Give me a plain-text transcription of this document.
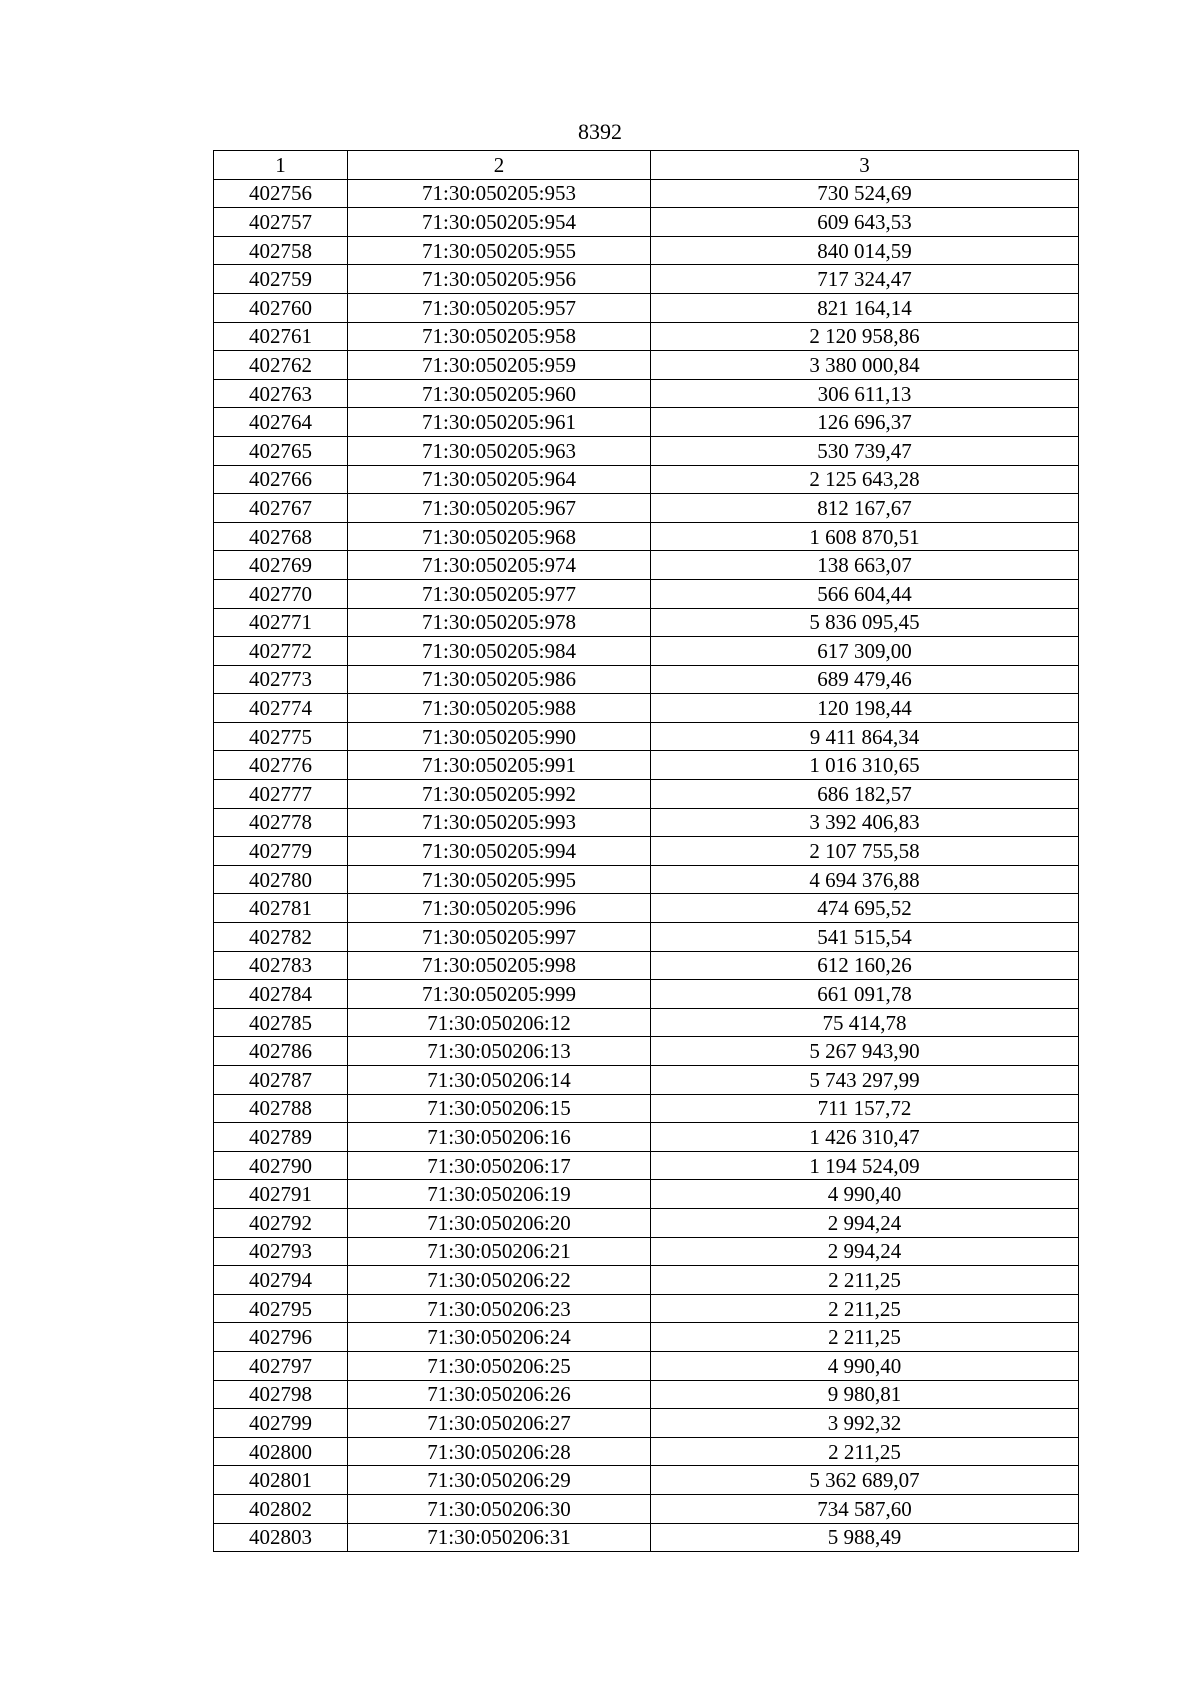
8392
1	2	3
402756	71:30:050205:953	730 524,69
402757	71:30:050205:954	609 643,53
402758	71:30:050205:955	840 014,59
402759	71:30:050205:956	717 324,47
402760	71:30:050205:957	821 164,14
402761	71:30:050205:958	2 120 958,86
402762	71:30:050205:959	3 380 000,84
402763	71:30:050205:960	306 611,13
402764	71:30:050205:961	126 696,37
402765	71:30:050205:963	530 739,47
402766	71:30:050205:964	2 125 643,28
402767	71:30:050205:967	812 167,67
402768	71:30:050205:968	1 608 870,51
402769	71:30:050205:974	138 663,07
402770	71:30:050205:977	566 604,44
402771	71:30:050205:978	5 836 095,45
402772	71:30:050205:984	617 309,00
402773	71:30:050205:986	689 479,46
402774	71:30:050205:988	120 198,44
402775	71:30:050205:990	9 411 864,34
402776	71:30:050205:991	1 016 310,65
402777	71:30:050205:992	686 182,57
402778	71:30:050205:993	3 392 406,83
402779	71:30:050205:994	2 107 755,58
402780	71:30:050205:995	4 694 376,88
402781	71:30:050205:996	474 695,52
402782	71:30:050205:997	541 515,54
402783	71:30:050205:998	612 160,26
402784	71:30:050205:999	661 091,78
402785	71:30:050206:12	75 414,78
402786	71:30:050206:13	5 267 943,90
402787	71:30:050206:14	5 743 297,99
402788	71:30:050206:15	711 157,72
402789	71:30:050206:16	1 426 310,47
402790	71:30:050206:17	1 194 524,09
402791	71:30:050206:19	4 990,40
402792	71:30:050206:20	2 994,24
402793	71:30:050206:21	2 994,24
402794	71:30:050206:22	2 211,25
402795	71:30:050206:23	2 211,25
402796	71:30:050206:24	2 211,25
402797	71:30:050206:25	4 990,40
402798	71:30:050206:26	9 980,81
402799	71:30:050206:27	3 992,32
402800	71:30:050206:28	2 211,25
402801	71:30:050206:29	5 362 689,07
402802	71:30:050206:30	734 587,60
402803	71:30:050206:31	5 988,49
